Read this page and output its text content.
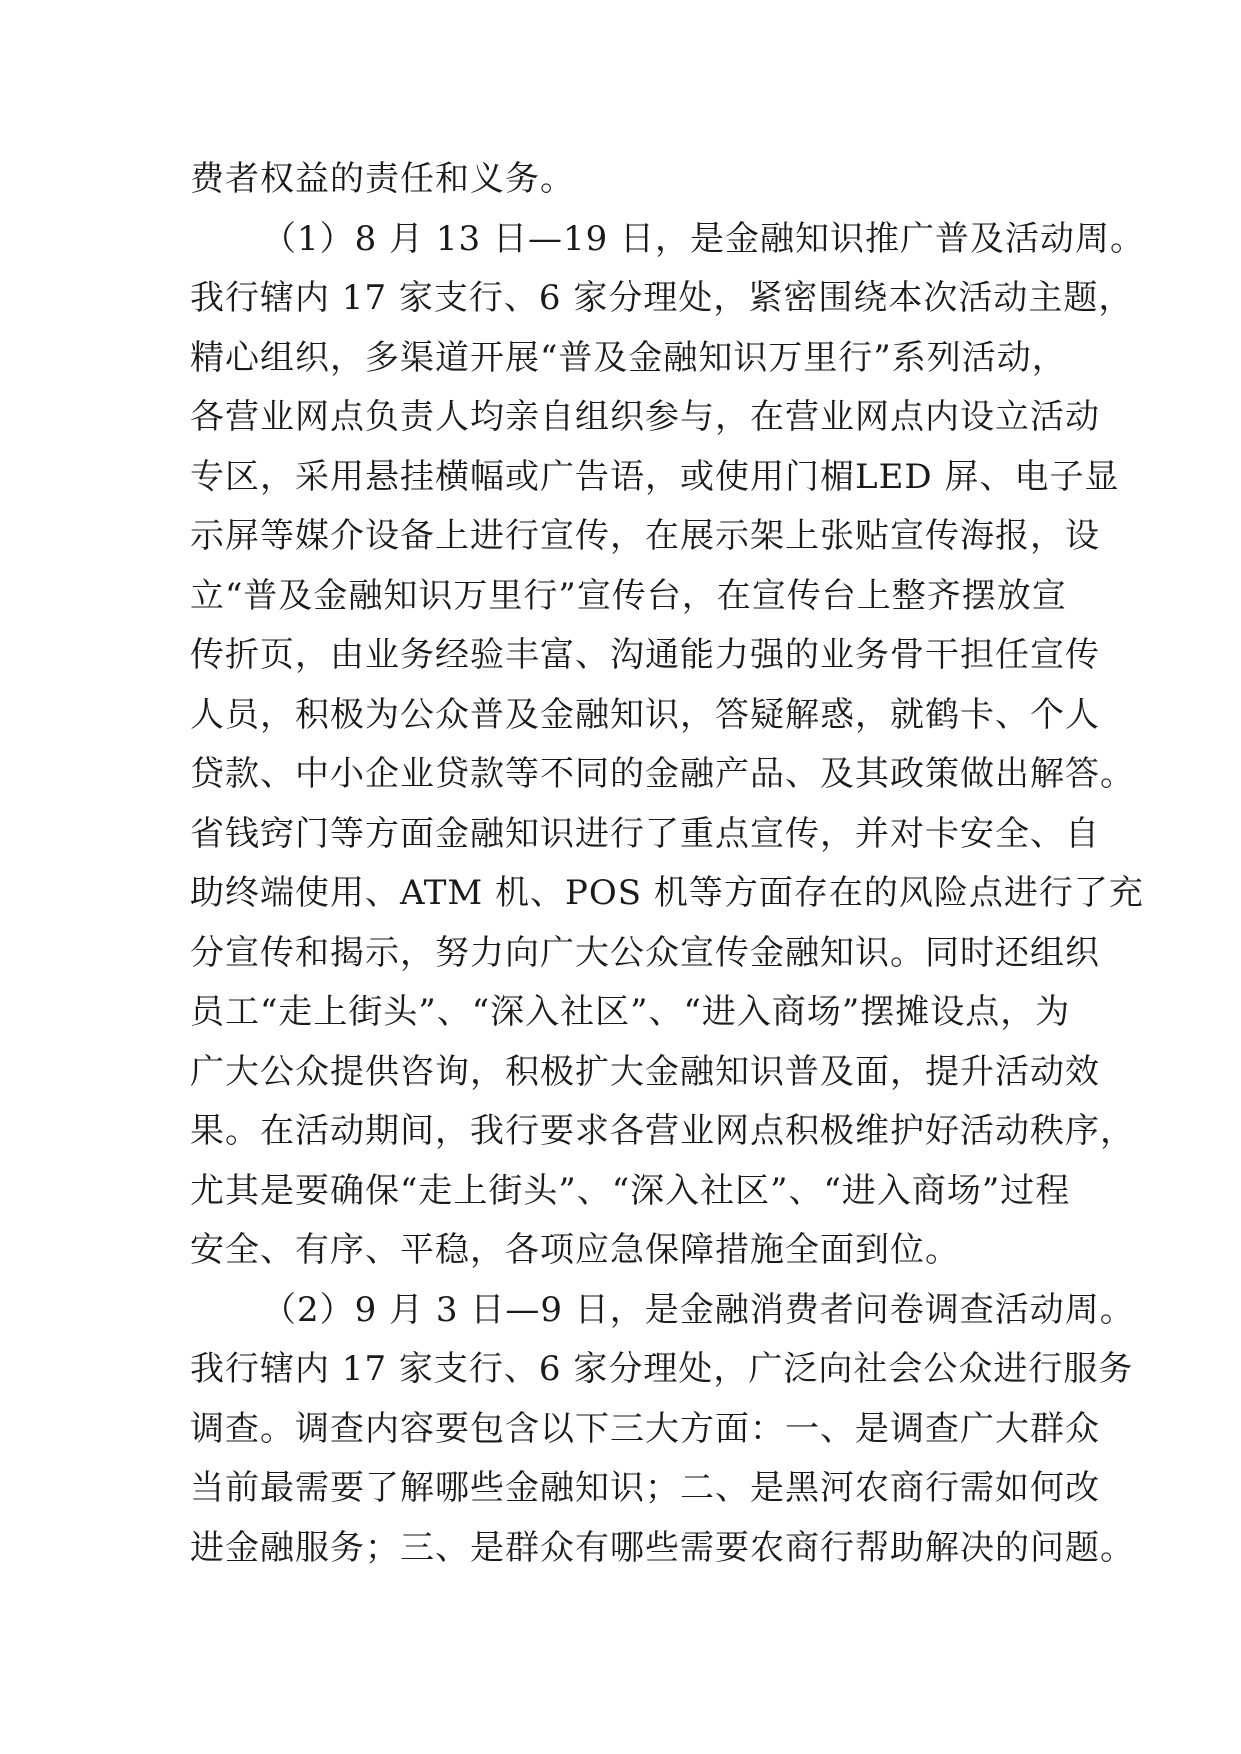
费者权益的责任和义务。
（1）8 月 13 日—19 日，是金融知识推广普及活动周。
我行辖内 17 家支行、6 家分理处，紧密围绕本次活动主题，
精心组织，多渠道开展“普及金融知识万里行”系列活动，
各营业网点负责人均亲自组织参与，在营业网点内设立活动
专区，采用悬挂横幅或广告语，或使用门楣LED 屏、电子显
示屏等媒介设备上进行宣传，在展示架上张贴宣传海报，设
立“普及金融知识万里行”宣传台，在宣传台上整齐摆放宣
传折页，由业务经验丰富、沟通能力强的业务骨干担任宣传
人员，积极为公众普及金融知识，答疑解惑，就鹤卡、个人
贷款、中小企业贷款等不同的金融产品、及其政策做出解答。
省钱窍门等方面金融知识进行了重点宣传，并对卡安全、自
助终端使用、ATM 机、POS 机等方面存在的风险点进行了充
分宣传和揭示，努力向广大公众宣传金融知识。同时还组织
员工“走上街头”、“深入社区”、“进入商场”摆摊设点，为
广大公众提供咨询，积极扩大金融知识普及面，提升活动效
果。在活动期间，我行要求各营业网点积极维护好活动秩序，
尤其是要确保“走上街头”、“深入社区”、“进入商场”过程
安全、有序、平稳，各项应急保障措施全面到位。
（2）9 月 3 日—9 日，是金融消费者问卷调查活动周。
我行辖内 17 家支行、6 家分理处，广泛向社会公众进行服务
调查。调查内容要包含以下三大方面：一、是调查广大群众
当前最需要了解哪些金融知识；二、是黑河农商行需如何改
进金融服务；三、是群众有哪些需要农商行帮助解决的问题。
